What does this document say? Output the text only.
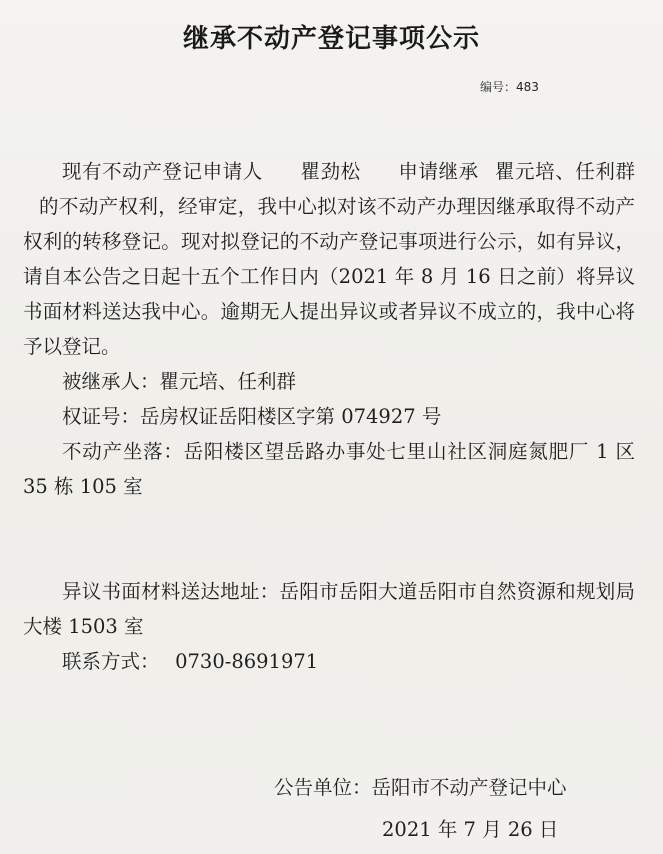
继承不动产登记事项公示
编号：483

现有不动产登记申请人 瞿劲松 申请继承 瞿元培、任利群的不动产权利，经审定，我中心拟对该不动产办理因继承取得不动产权利的转移登记。现对拟登记的不动产登记事项进行公示，如有异议，请自本公告之日起十五个工作日内（2021 年 8 月 16 日之前）将异议书面材料送达我中心。逾期无人提出异议或者异议不成立的，我中心将予以登记。

被继承人：瞿元培、任利群

权证号：岳房权证岳阳楼区字第 074927 号

不动产坐落：岳阳楼区望岳路办事处七里山社区洞庭氮肥厂 1 区 35 栋 105 室

异议书面材料送达地址：岳阳市岳阳大道岳阳市自然资源和规划局大楼 1503 室

联系方式： 0730-8691971

公告单位：岳阳市不动产登记中心
2021 年 7 月 26 日
